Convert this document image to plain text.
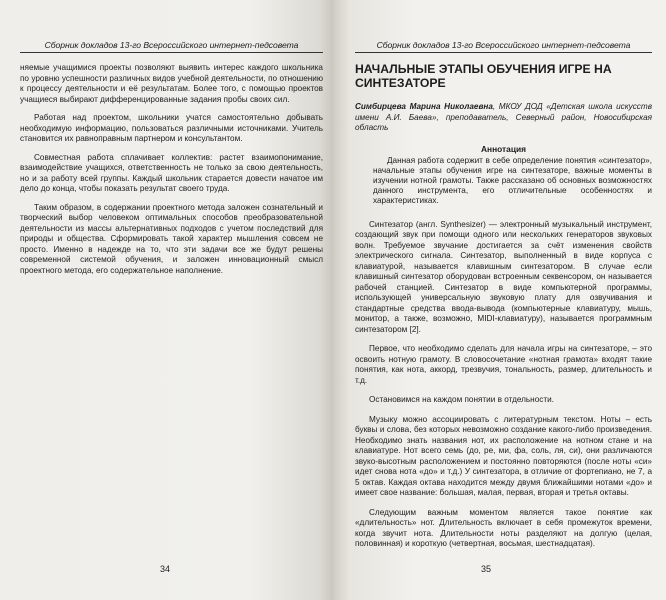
Сборник докладов 13-го Всероссийского интернет-педсовета

няемые учащимися проекты позволяют выявить интерес каждого школьника по уровню успешности различных видов учебной деятельности, по отношению к процессу деятельности и её результатам. Более того, с помощью проектов учащиеся выбирают дифференцированные задания пробы своих сил.

Работая над проектом, школьники учатся самостоятельно добывать необходимую информацию, пользоваться различными источниками. Учитель становится их равноправным партнером и консультантом.

Совместная работа сплачивает коллектив: растет взаимопонимание, взаимодействие учащихся, ответственность не только за свою деятельность, но и за работу всей группы. Каждый школьник старается довести начатое им дело до конца, чтобы показать результат своего труда.

Таким образом, в содержании проектного метода заложен сознательный и творческий выбор человеком оптимальных способов преобразовательной деятельности из массы альтернативных подходов с учетом последствий для природы и общества. Сформировать такой характер мышления совсем не просто. Именно в надежде на то, что эти задачи все же будут решены современной системой обучения, и заложен инновационный смысл проектного метода, его содержательное наполнение.

34
Сборник докладов 13-го Всероссийского интернет-педсовета
НАЧАЛЬНЫЕ ЭТАПЫ ОБУЧЕНИЯ ИГРЕ НА СИНТЕЗАТОРЕ

Симбирцева Марина Николаевна, МКОУ ДОД «Детская школа искусств имени А.И. Баева», преподаватель, Северный район, Новосибирская область

Аннотация

Данная работа содержит в себе определение понятия «синтезатор», начальные этапы обучения игре на синтезаторе, важные моменты в изучении нотной грамоты. Также рассказано об основных возможностях данного инструмента, его отличительные особенностях и характеристиках.

Синтезатор (англ. Synthesizer) — электронный музыкальный инструмент, создающий звук при помощи одного или нескольких генераторов звуковых волн. Требуемое звучание достигается за счёт изменения свойств электрического сигнала. Синтезатор, выполненный в виде корпуса с клавиатурой, называется клавишным синтезатором. В случае если клавишный синтезатор оборудован встроенным секвенсором, он называется рабочей станцией. Синтезатор в виде компьютерной программы, использующей универсальную звуковую плату для озвучивания и стандартные средства ввода-вывода (компьютерные клавиатуру, мышь, монитор, а также, возможно, MIDI-клавиатуру), называется программным синтезатором [2].

Первое, что необходимо сделать для начала игры на синтезаторе, – это освоить нотную грамоту. В словосочетание «нотная грамота» входят такие понятия, как нота, аккорд, трезвучия, тональность, размер, длительность и т.д.

Остановимся на каждом понятии в отдельности.

Музыку можно ассоциировать с литературным текстом. Ноты – есть буквы и слова, без которых невозможно создание какого-либо произведения. Необходимо знать названия нот, их расположение на нотном стане и на клавиатуре. Нот всего семь (до, ре, ми, фа, соль, ля, си), они различаются звуко-высотным расположением и постоянно повторяются (после ноты «си» идет снова нота «до» и т.д.) У синтезатора, в отличие от фортепиано, не 7, а 5 октав. Каждая октава находится между двумя ближайшими нотами «до» и имеет свое название: большая, малая, первая, вторая и третья октавы.

Следующим важным моментом является такое понятие как «длительность» нот. Длительность включает в себя промежуток времени, когда звучит нота. Длительности ноты разделяют на долгую (целая, половинная) и короткую (четвертная, восьмая, шестнадцатая).

35
